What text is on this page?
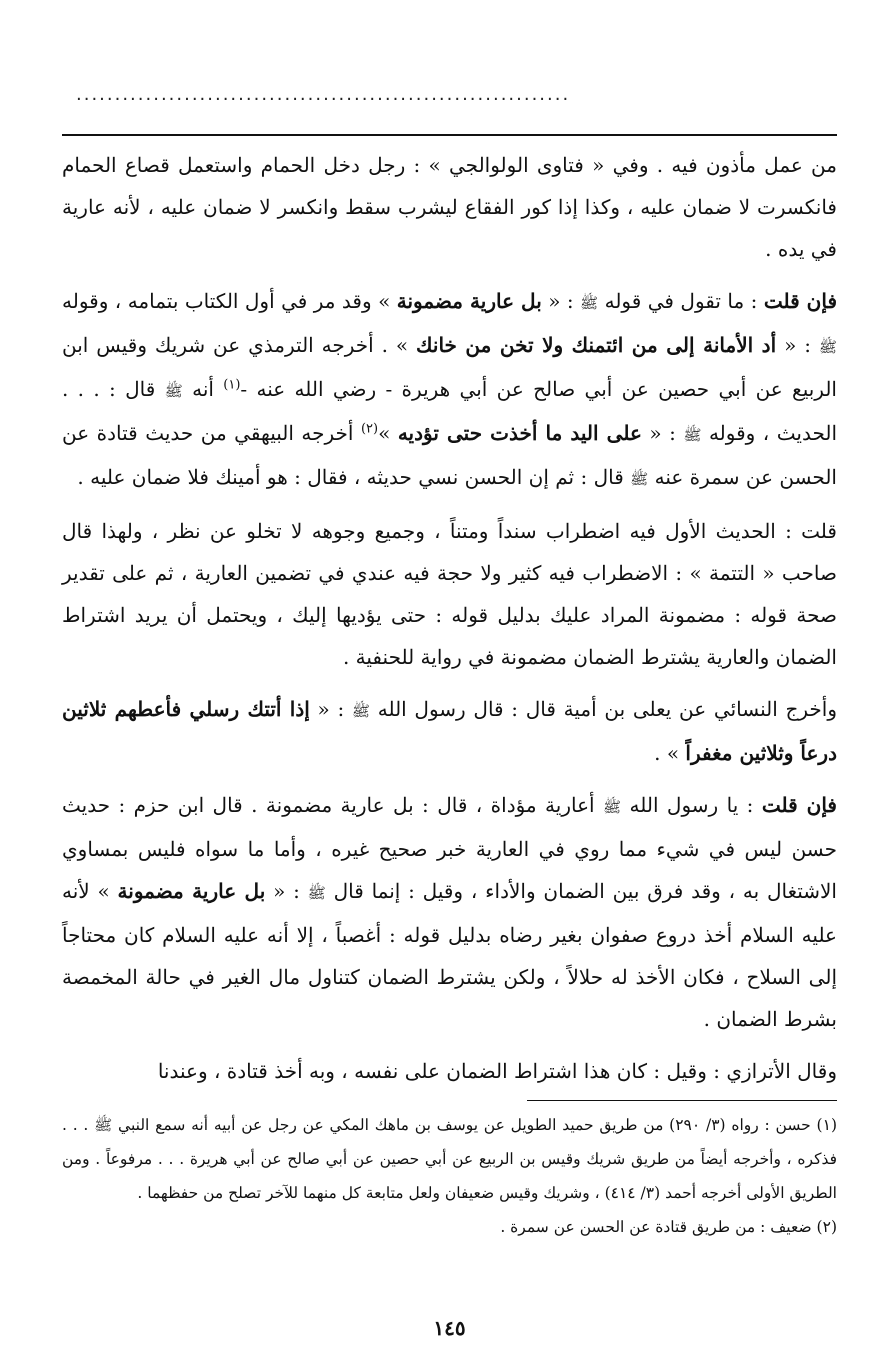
................................................................

من عمل مأذون فيه . وفي « فتاوى الولوالجي » : رجل دخل الحمام واستعمل قصاع الحمام فانكسرت لا ضمان عليه ، وكذا إذا كور الفقاع ليشرب سقط وانكسر لا ضمان عليه ، لأنه عارية في يده .

فإن قلت : ما تقول في قوله ﷺ : « بل عارية مضمونة » وقد مر في أول الكتاب بتمامه ، وقوله ﷺ : « أد الأمانة إلى من ائتمنك ولا تخن من خانك » . أخرجه الترمذي عن شريك وقيس ابن الربيع عن أبي حصين عن أبي صالح عن أبي هريرة - رضي الله عنه -$^{(١)}$ أنه ﷺ قال : . . . الحديث ، وقوله ﷺ : « على اليد ما أخذت حتى تؤديه »$^{(٢)}$ أخرجه البيهقي من حديث قتادة عن الحسن عن سمرة عنه ﷺ قال : ثم إن الحسن نسي حديثه ، فقال : هو أمينك فلا ضمان عليه .

قلت : الحديث الأول فيه اضطراب سنداً ومتناً ، وجميع وجوهه لا تخلو عن نظر ، ولهذا قال صاحب « التتمة » : الاضطراب فيه كثير ولا حجة فيه عندي في تضمين العارية ، ثم على تقدير صحة قوله : مضمونة المراد عليك بدليل قوله : حتى يؤديها إليك ، ويحتمل أن يريد اشتراط الضمان والعارية يشترط الضمان مضمونة في رواية للحنفية .

وأخرج النسائي عن يعلى بن أمية قال : قال رسول الله ﷺ : « إذا أتتك رسلي فأعطهم ثلاثين درعاً وثلاثين مغفراً » .

فإن قلت : يا رسول الله ﷺ أعارية مؤداة ، قال : بل عارية مضمونة . قال ابن حزم : حديث حسن ليس في شيء مما روي في العارية خبر صحيح غيره ، وأما ما سواه فليس بمساوي الاشتغال به ، وقد فرق بين الضمان والأداء ، وقيل : إنما قال ﷺ : « بل عارية مضمونة » لأنه عليه السلام أخذ دروع صفوان بغير رضاه بدليل قوله : أغصباً ، إلا أنه عليه السلام كان محتاجاً إلى السلاح ، فكان الأخذ له حلالاً ، ولكن يشترط الضمان كتناول مال الغير في حالة المخمصة بشرط الضمان .

وقال الأترازي : وقيل : كان هذا اشتراط الضمان على نفسه ، وبه أخذ قتادة ، وعندنا

(١) حسن : رواه (٣/ ٢٩٠) من طريق حميد الطويل عن يوسف بن ماهك المكي عن رجل عن أبيه أنه سمع النبي ﷺ . . . فذكره ، وأخرجه أيضاً من طريق شريك وقيس بن الربيع عن أبي حصين عن أبي صالح عن أبي هريرة . . . مرفوعاً . ومن الطريق الأولى أخرجه أحمد (٣/ ٤١٤) ، وشريك وقيس ضعيفان ولعل متابعة كل منهما للآخر تصلح من حفظهما .

(٢) ضعيف : من طريق قتادة عن الحسن عن سمرة .

١٤٥
